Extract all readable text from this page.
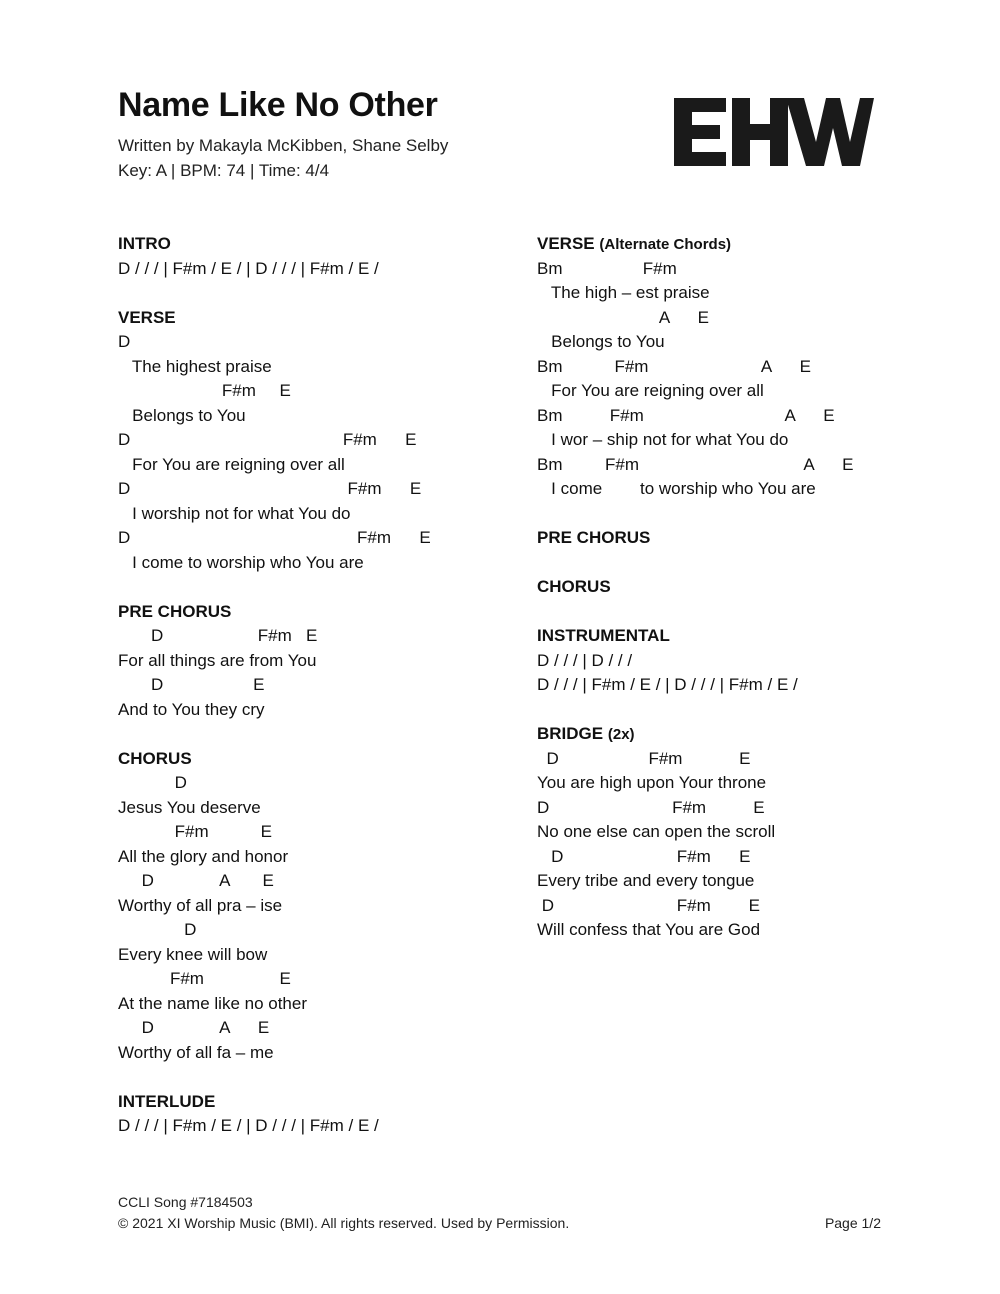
Name Like No Other
Written by Makayla McKibben, Shane Selby
Key: A | BPM: 74 | Time: 4/4
INTRO
D / / / | F#m / E / | D / / / | F#m / E /
VERSE
D
The highest praise
F#m     E
Belongs to You
D                                             F#m      E
For You are reigning over all
D                                              F#m      E
I worship not for what You do
D                                                F#m      E
I come to worship who You are
PRE CHORUS
D                    F#m   E
For all things are from You
D                   E
And to You they cry
CHORUS
D
Jesus You deserve
F#m           E
All the glory and honor
D              A       E
Worthy of all pra – ise
D
Every knee will bow
F#m                E
At the name like no other
D              A      E
Worthy of all fa – me
INTERLUDE
D / / / | F#m / E / | D / / / | F#m / E /
VERSE (Alternate Chords)
Bm                 F#m
The high – est praise
A      E
Belongs to You
Bm           F#m                        A      E
For You are reigning over all
Bm          F#m                              A      E
I wor – ship not for what You do
Bm         F#m                                   A      E
I come        to worship who You are
PRE CHORUS
CHORUS
INSTRUMENTAL
D / / / | D / / /
D / / / | F#m / E / | D / / / | F#m / E /
BRIDGE (2x)
D                   F#m            E
You are high upon Your throne
D                          F#m          E
No one else can open the scroll
D                        F#m      E
Every tribe and every tongue
D                          F#m        E
Will confess that You are God
CCLI Song #7184503
© 2021 XI Worship Music (BMI). All rights reserved. Used by Permission.	Page 1/2
